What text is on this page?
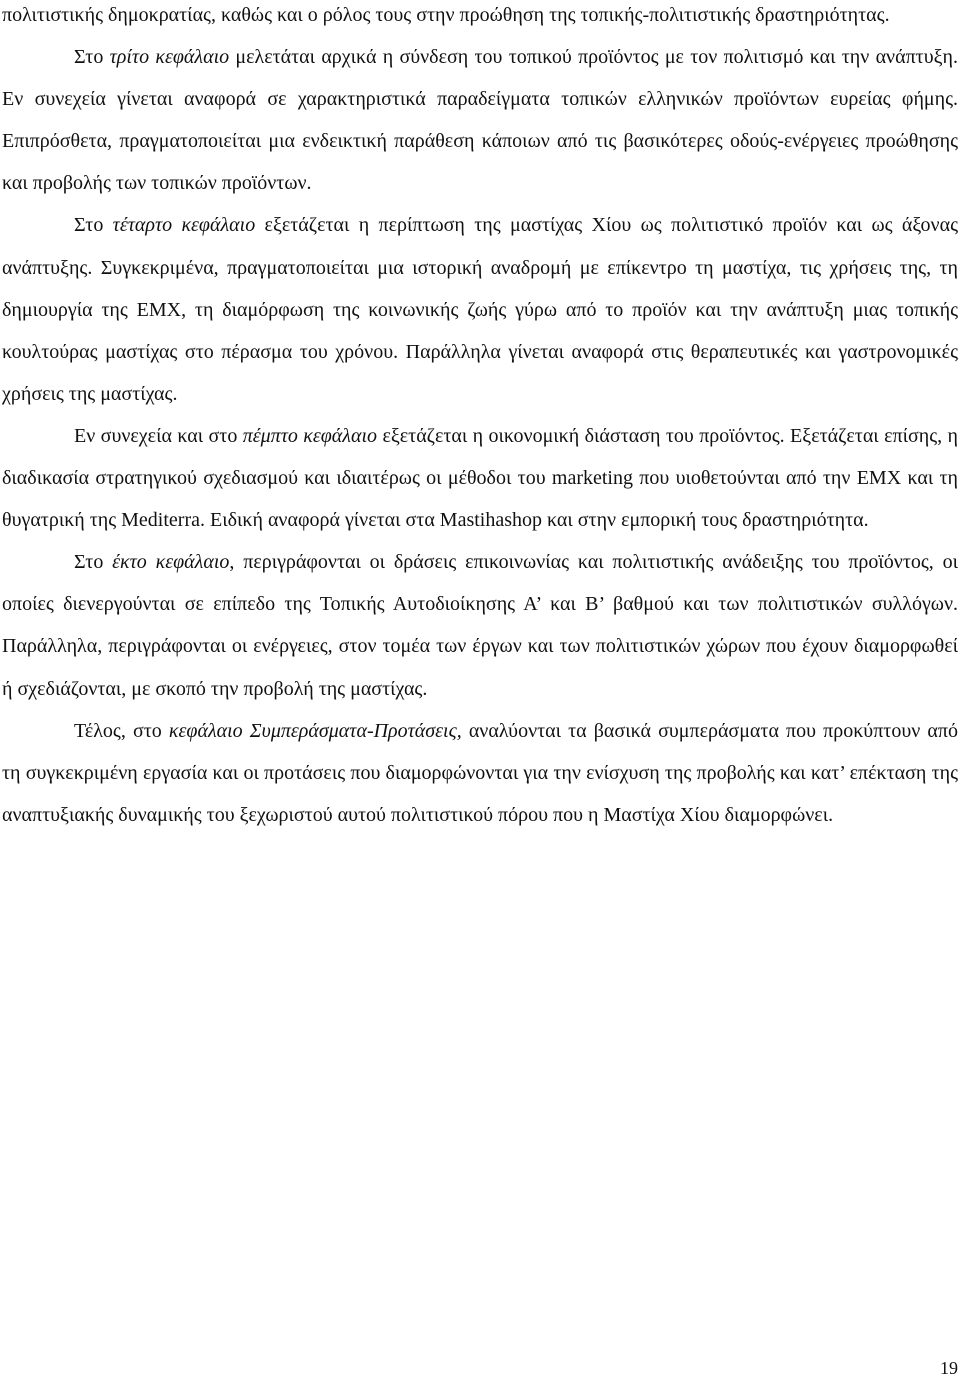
πολιτιστικής δημοκρατίας, καθώς και ο ρόλος τους στην προώθηση της τοπικής-πολιτιστικής δραστηριότητας.

Στο τρίτο κεφάλαιο μελετάται αρχικά η σύνδεση του τοπικού προϊόντος με τον πολιτισμό και την ανάπτυξη. Εν συνεχεία γίνεται αναφορά σε χαρακτηριστικά παραδείγματα τοπικών ελληνικών προϊόντων ευρείας φήμης. Επιπρόσθετα, πραγματοποιείται μια ενδεικτική παράθεση κάποιων από τις βασικότερες οδούς-ενέργειες προώθησης και προβολής των τοπικών προϊόντων.

Στο τέταρτο κεφάλαιο εξετάζεται η περίπτωση της μαστίχας Χίου ως πολιτιστικό προϊόν και ως άξονας ανάπτυξης. Συγκεκριμένα, πραγματοποιείται μια ιστορική αναδρομή με επίκεντρο τη μαστίχα, τις χρήσεις της, τη δημιουργία της ΕΜΧ, τη διαμόρφωση της κοινωνικής ζωής γύρω από το προϊόν και την ανάπτυξη μιας τοπικής κουλτούρας μαστίχας στο πέρασμα του χρόνου. Παράλληλα γίνεται αναφορά στις θεραπευτικές και γαστρονομικές χρήσεις της μαστίχας.

Εν συνεχεία και στο πέμπτο κεφάλαιο εξετάζεται η οικονομική διάσταση του προϊόντος. Εξετάζεται επίσης, η διαδικασία στρατηγικού σχεδιασμού και ιδιαιτέρως οι μέθοδοι του marketing που υιοθετούνται από την ΕΜΧ και τη θυγατρική της Mediterra. Ειδική αναφορά γίνεται στα Mastihashop και στην εμπορική τους δραστηριότητα.

Στο έκτο κεφάλαιο, περιγράφονται οι δράσεις επικοινωνίας και πολιτιστικής ανάδειξης του προϊόντος, οι οποίες διενεργούνται σε επίπεδο της Τοπικής Αυτοδιοίκησης Α’ και Β’ βαθμού και των πολιτιστικών συλλόγων. Παράλληλα, περιγράφονται οι ενέργειες, στον τομέα των έργων και των πολιτιστικών χώρων που έχουν διαμορφωθεί ή σχεδιάζονται, με σκοπό την προβολή της μαστίχας.

Τέλος, στο κεφάλαιο Συμπεράσματα-Προτάσεις, αναλύονται τα βασικά συμπεράσματα που προκύπτουν από τη συγκεκριμένη εργασία και οι προτάσεις που διαμορφώνονται για την ενίσχυση της προβολής και κατ’ επέκταση της αναπτυξιακής δυναμικής του ξεχωριστού αυτού πολιτιστικού πόρου που η Μαστίχα Χίου διαμορφώνει.

19
